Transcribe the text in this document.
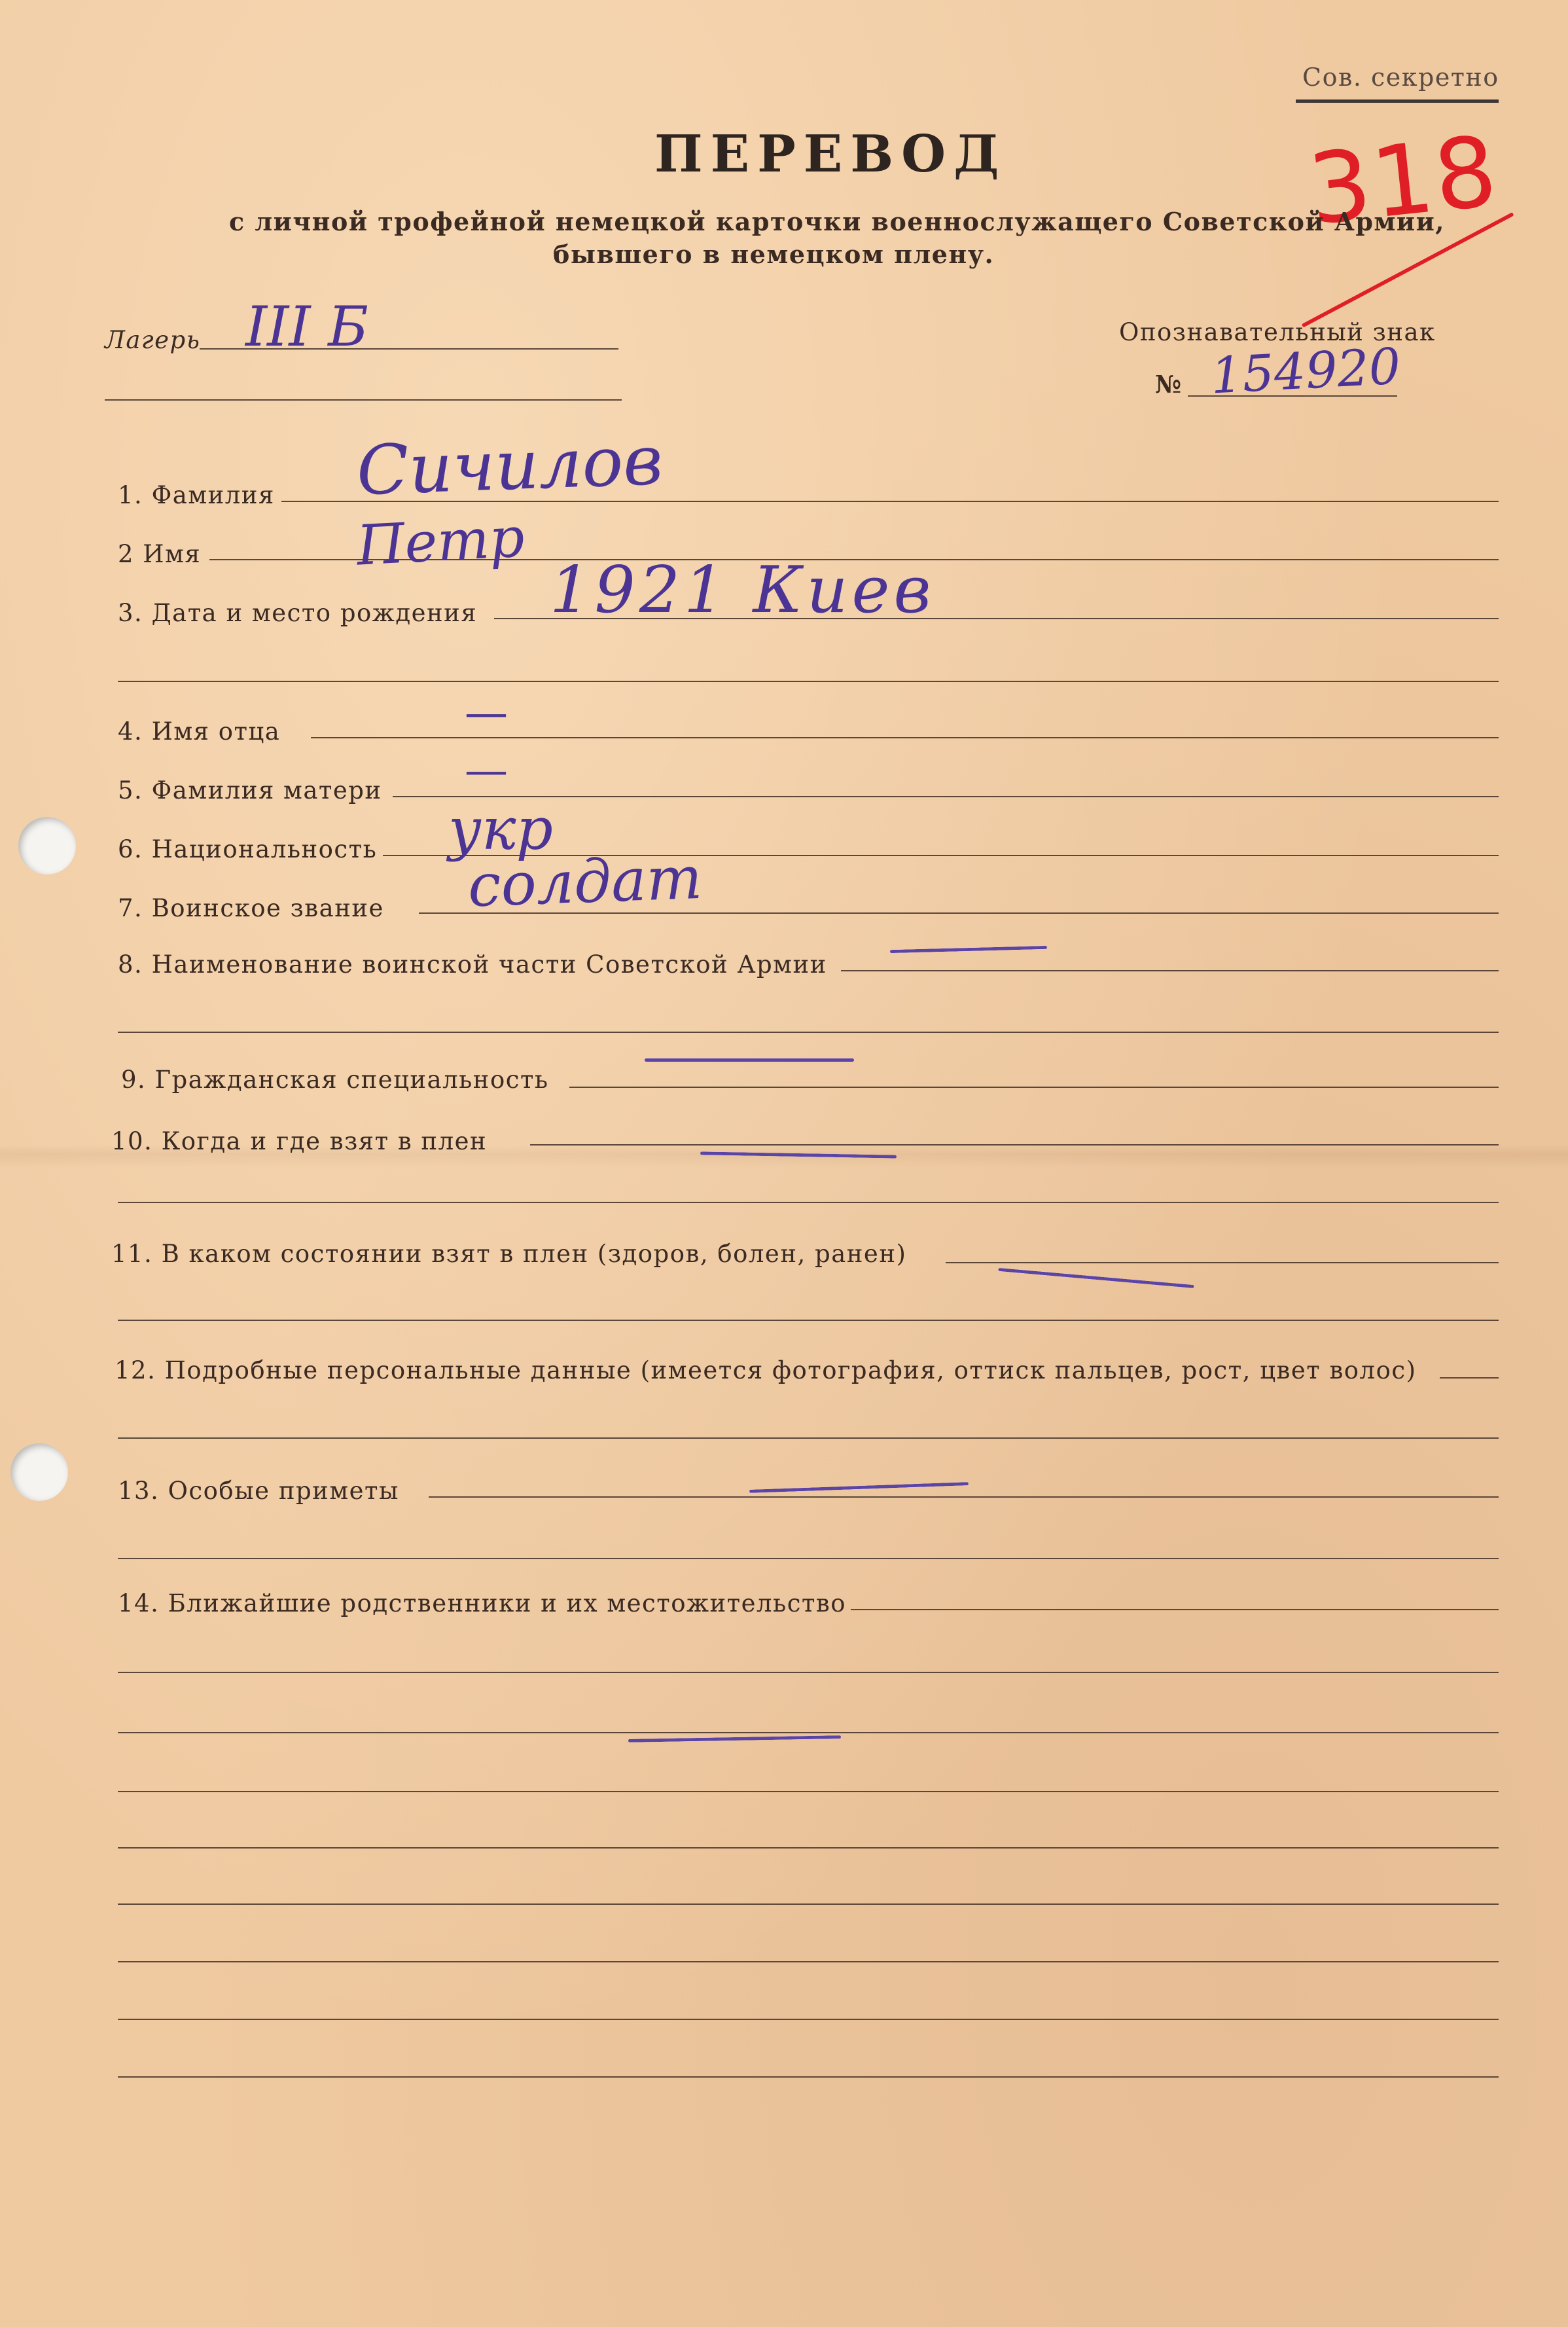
Сов. секретно
318
ПЕРЕВОД
с личной трофейной немецкой карточки военнослужащего Советской Армии,
бывшего в немецком плену.
Лагерь III Б	Опознавательный знак
№ 154920
1. Фамилия Сичилов
2 Имя	Петр
3. Дата и место рождения 1921 Киев
4. Имя отца	—
5. Фамилия матери —
6. Национальность укр
7. Воинское звание солдат
8. Наименование воинской части Советской Армии
9. Гражданская специальность
10. Когда и где взят в плен
11. В каком состоянии взят в плен (здоров, болен, ранен)
12. Подробные персональные данные (имеется фотография, оттиск пальцев, рост, цвет волос)
13. Особые приметы
14. Ближайшие родственники и их местожительство
